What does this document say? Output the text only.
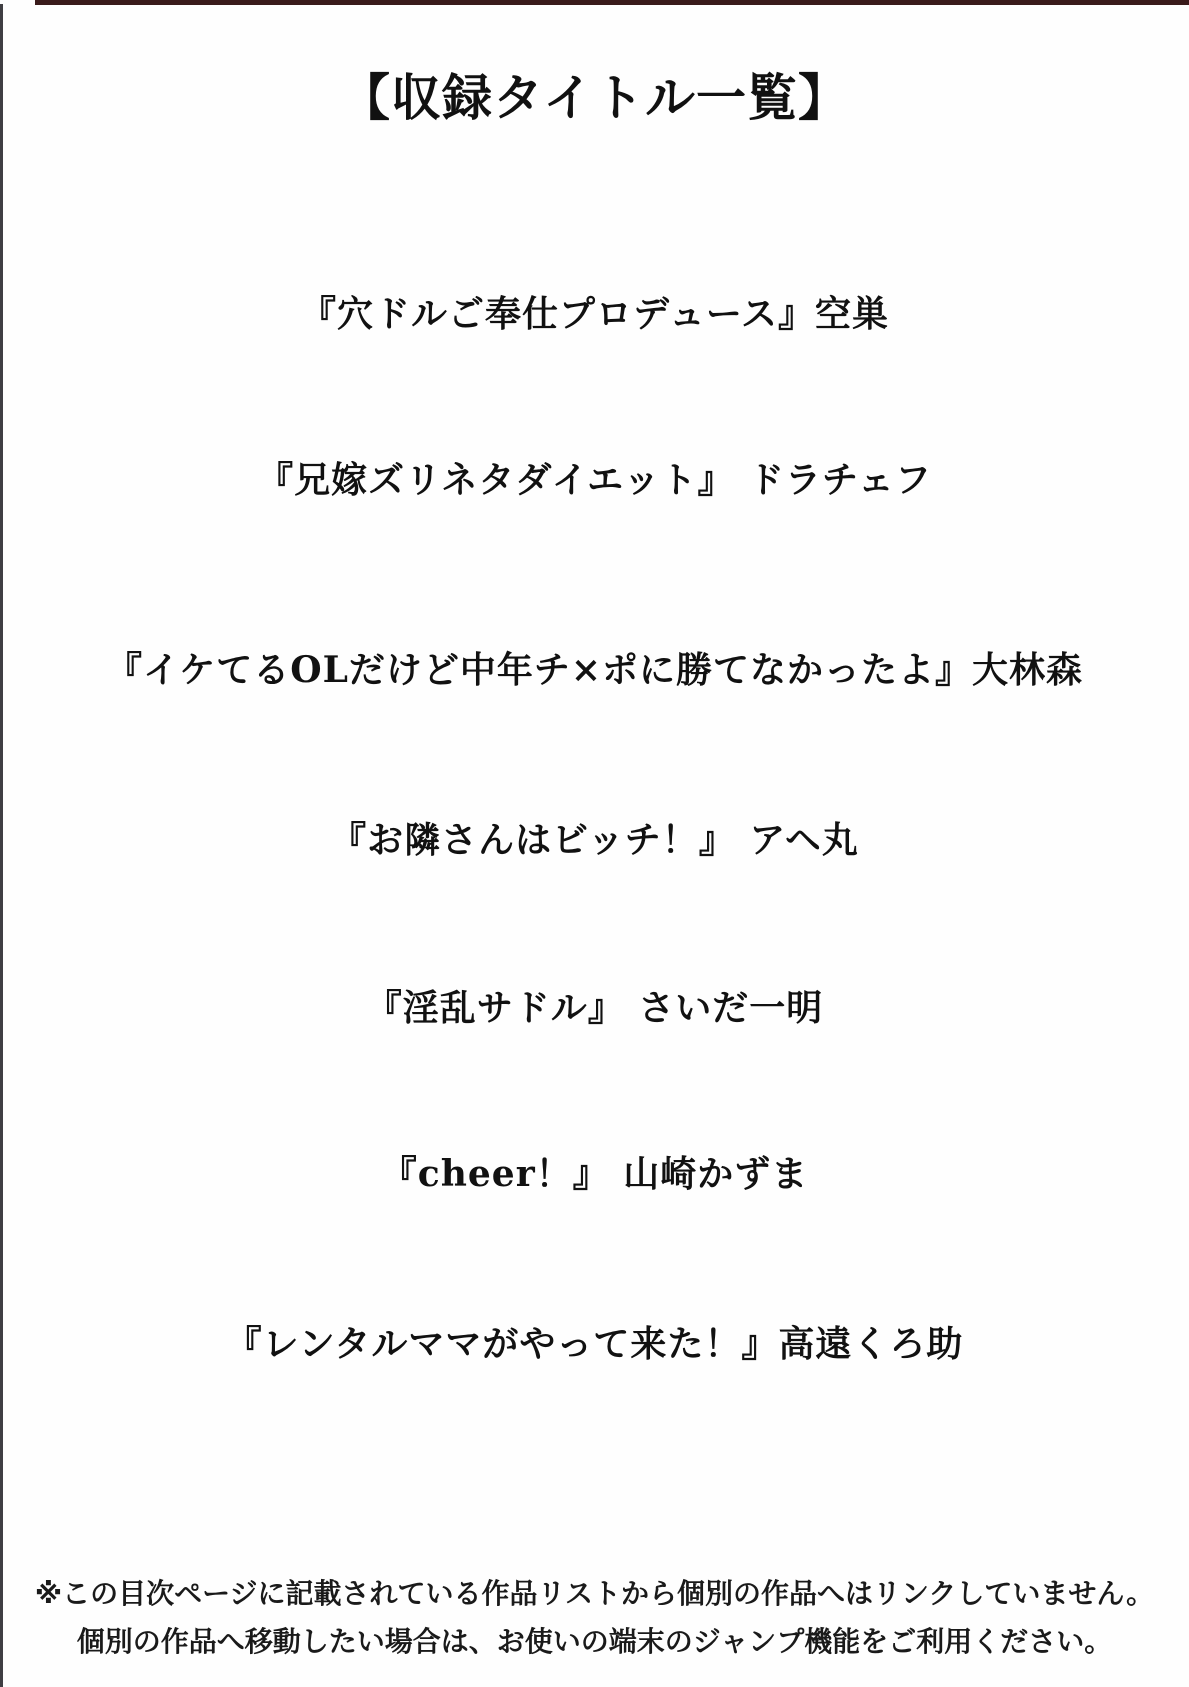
【収録タイトル一覧】
『穴ドルご奉仕プロデュース』空巣
『兄嫁ズリネタダイエット』 ドラチェフ
『イケてるOLだけど中年チ×ポに勝てなかったよ』大林森
『お隣さんはビッチ！』 アヘ丸
『淫乱サドル』 さいだ一明
『cheer！』 山崎かずま
『レンタルママがやって来た！』高遠くろ助
※この目次ページに記載されている作品リストから個別の作品へはリンクしていません。
個別の作品へ移動したい場合は、お使いの端末のジャンプ機能をご利用ください。
